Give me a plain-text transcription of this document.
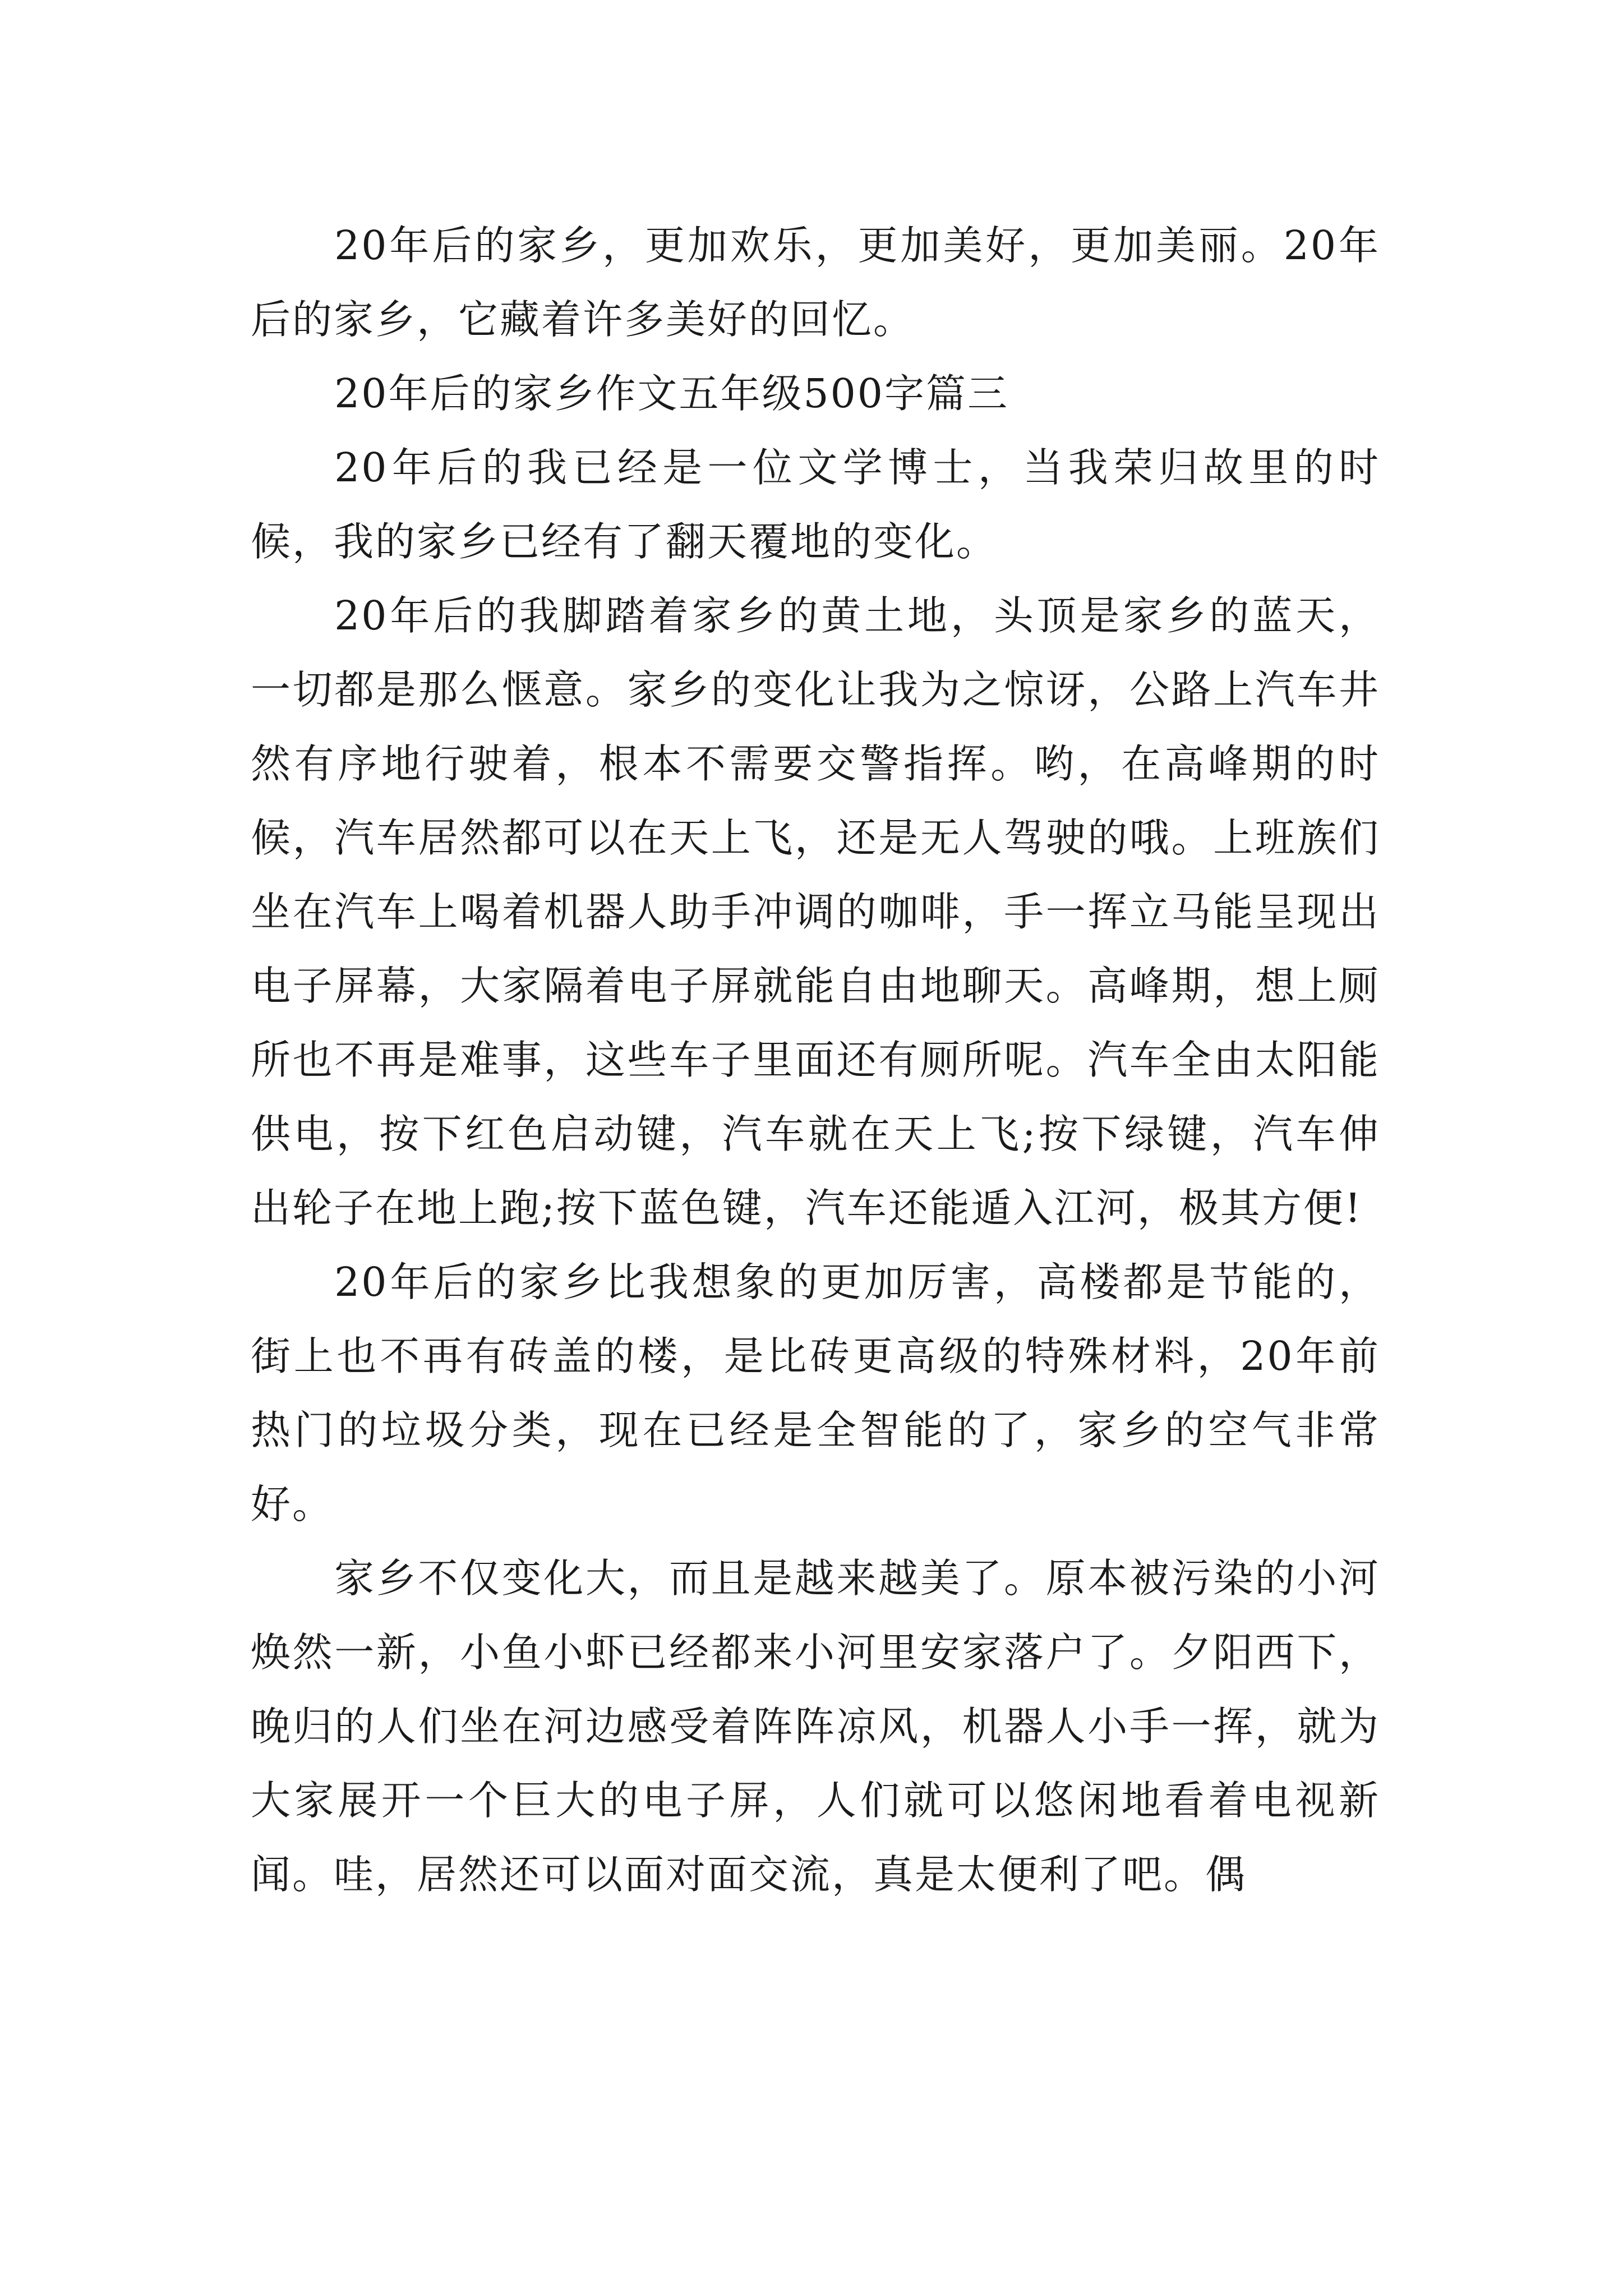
20年后的家乡，更加欢乐，更加美好，更加美丽。20年后的家乡，它藏着许多美好的回忆。

20年后的家乡作文五年级500字篇三

20年后的我已经是一位文学博士，当我荣归故里的时候，我的家乡已经有了翻天覆地的变化。

20年后的我脚踏着家乡的黄土地，头顶是家乡的蓝天，一切都是那么惬意。家乡的变化让我为之惊讶，公路上汽车井然有序地行驶着，根本不需要交警指挥。哟，在高峰期的时候，汽车居然都可以在天上飞，还是无人驾驶的哦。上班族们坐在汽车上喝着机器人助手冲调的咖啡，手一挥立马能呈现出电子屏幕，大家隔着电子屏就能自由地聊天。高峰期，想上厕所也不再是难事，这些车子里面还有厕所呢。汽车全由太阳能供电，按下红色启动键，汽车就在天上飞;按下绿键，汽车伸出轮子在地上跑;按下蓝色键，汽车还能遁入江河，极其方便!

20年后的家乡比我想象的更加厉害，高楼都是节能的，街上也不再有砖盖的楼，是比砖更高级的特殊材料，20年前热门的垃圾分类，现在已经是全智能的了，家乡的空气非常好。

家乡不仅变化大，而且是越来越美了。原本被污染的小河焕然一新，小鱼小虾已经都来小河里安家落户了。夕阳西下，晚归的人们坐在河边感受着阵阵凉风，机器人小手一挥，就为大家展开一个巨大的电子屏，人们就可以悠闲地看着电视新闻。哇，居然还可以面对面交流，真是太便利了吧。偶
